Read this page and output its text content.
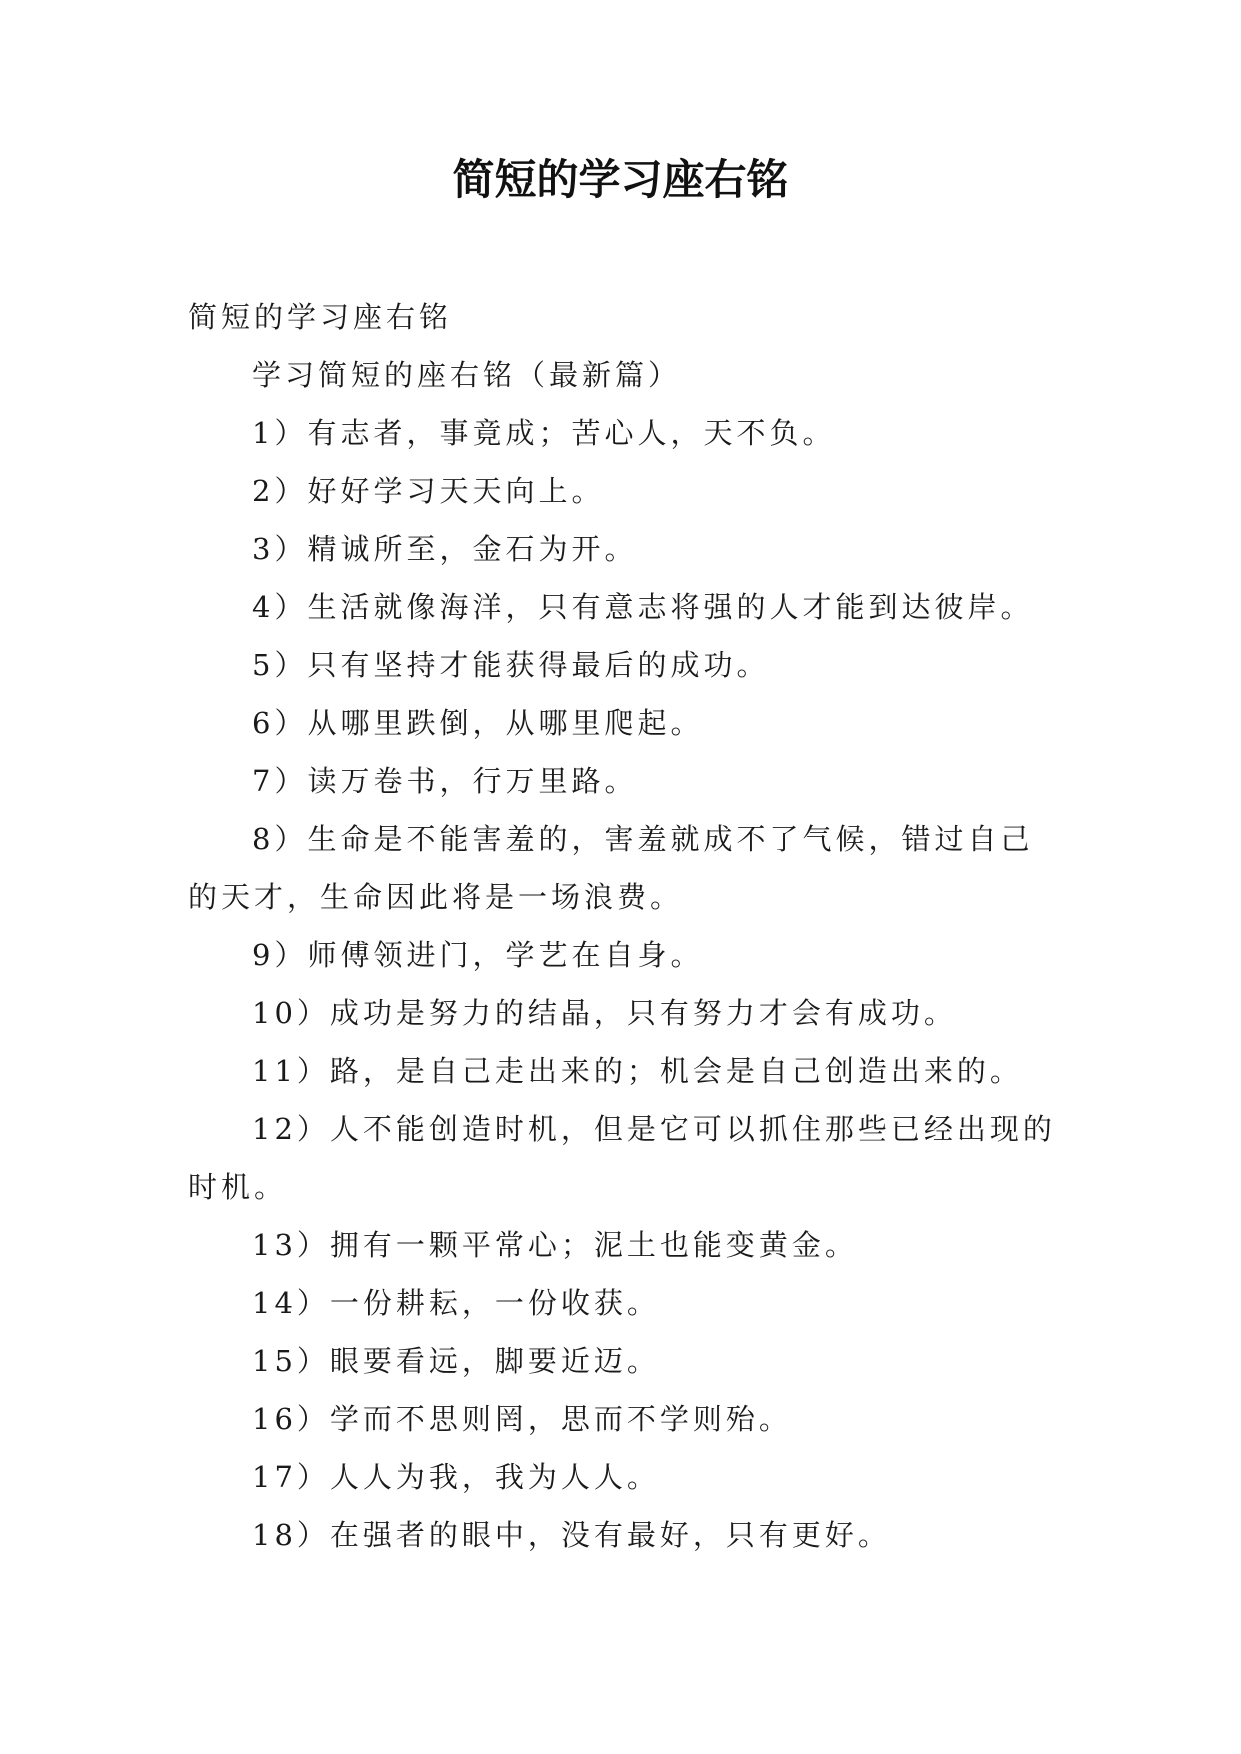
简短的学习座右铭

简短的学习座右铭

学习简短的座右铭（最新篇）

1）有志者，事竟成；苦心人，天不负。

2）好好学习天天向上。

3）精诚所至，金石为开。

4）生活就像海洋，只有意志将强的人才能到达彼岸。

5）只有坚持才能获得最后的成功。

6）从哪里跌倒，从哪里爬起。

7）读万卷书，行万里路。

8）生命是不能害羞的，害羞就成不了气候，错过自己的天才，生命因此将是一场浪费。

9）师傅领进门，学艺在自身。

10）成功是努力的结晶，只有努力才会有成功。

11）路，是自己走出来的；机会是自己创造出来的。

12）人不能创造时机，但是它可以抓住那些已经出现的时机。

13）拥有一颗平常心；泥土也能变黄金。

14）一份耕耘，一份收获。

15）眼要看远，脚要近迈。

16）学而不思则罔，思而不学则殆。

17）人人为我，我为人人。

18）在强者的眼中，没有最好，只有更好。
